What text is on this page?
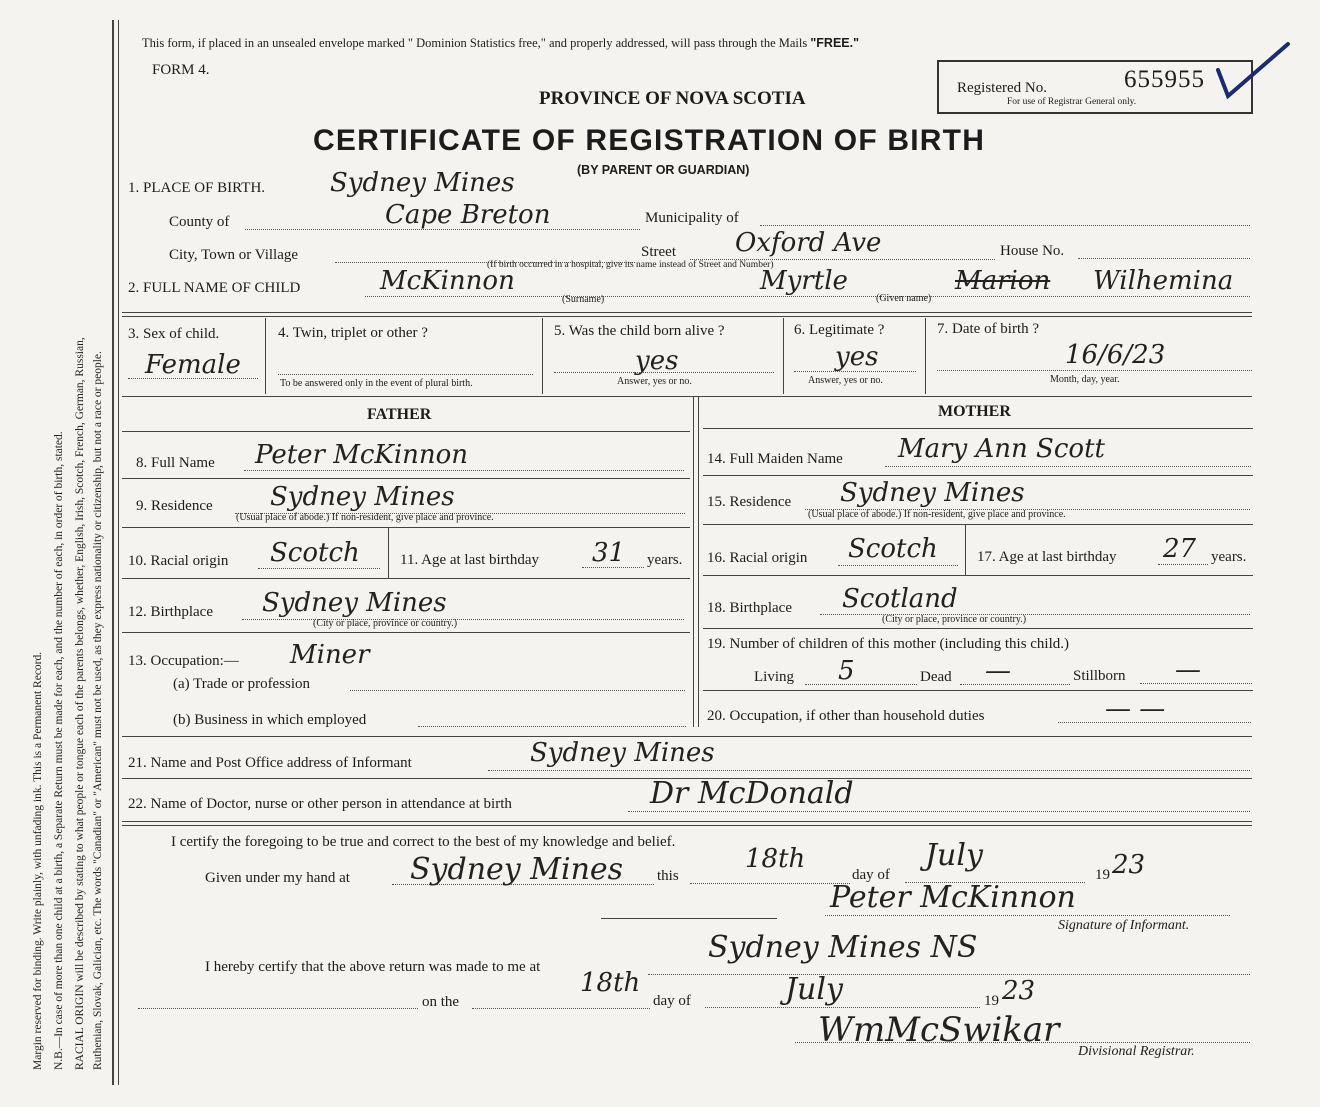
Margin reserved for binding. Write plainly, with unfading ink. This is a Permanent Record. N.B.—In case of more than one child at a birth, a Separate Return must be made for each, and the number of each, in order of birth, stated. RACIAL ORIGIN will be described by stating to what people or tongue each of the parents belongs, whether, English, Irish, Scotch, French, German, Russian, Ruthenian, Slovak, Galician, etc. The words "Canadian" or "American" must not be used, as they express nationality or citizenship, but not a race or people.
This form, if placed in an unsealed envelope marked " Dominion Statistics free," and properly addressed, will pass through the Mails "FREE."
FORM 4.
PROVINCE OF NOVA SCOTIA	Registered No.	655955
For use of Registrar General only.
CERTIFICATE OF REGISTRATION OF BIRTH
(BY PARENT OR GUARDIAN)
1. PLACE OF BIRTH. Sydney Mines
County of	Cape Breton	Municipality of
City, Town or Village	Street Oxford Ave	House No.
(If birth occurred in a hospital, give its name instead of Street and Number)
2. FULL NAME OF CHILD	McKinnon
(Surname)
Myrtle	Marion Wilhemina
(Given name)
3. Sex of child.
Female
4. Twin, triplet or other ?
To be answered only in the event of plural birth.
5. Was the child born alive ?
yes
Answer, yes or no.
6. Legitimate ?
yes
Answer, yes or no.
7. Date of birth ?
16/6/23
Month, day, year.
FATHER	MOTHER
8. Full Name Peter McKinnon
9. Residence Sydney Mines
(Usual place of abode.) If non-resident, give place and province.
10. Racial origin Scotch	11. Age at last birthday 31 years.
12. Birthplace Sydney Mines
(City or place, province or country.)
13. Occupation:— Miner
(a) Trade or profession
(b) Business in which employed
14. Full Maiden Name Mary Ann Scott
15. Residence Sydney Mines
(Usual place of abode.) If non-resident, give place and province.
16. Racial origin Scotch	17. Age at last birthday 27 years.
18. Birthplace Scotland
(City or place, province or country.)
19. Number of children of this mother (including this child.)
Living 5	Dead —	Stillborn —
20. Occupation, if other than household duties	— —
21. Name and Post Office address of Informant	Sydney Mines
22. Name of Doctor, nurse or other person in attendance at birth	Dr McDonald
I certify the foregoing to be true and correct to the best of my knowledge and belief.
Given under my hand at Sydney Mines this
18th
day of
July
19 23
Peter McKinnon
Signature of Informant.
I hereby certify that the above return was made to me at
Sydney Mines NS
on the
18th
day of	July	19 23
WmMcSwikar
Divisional Registrar.
